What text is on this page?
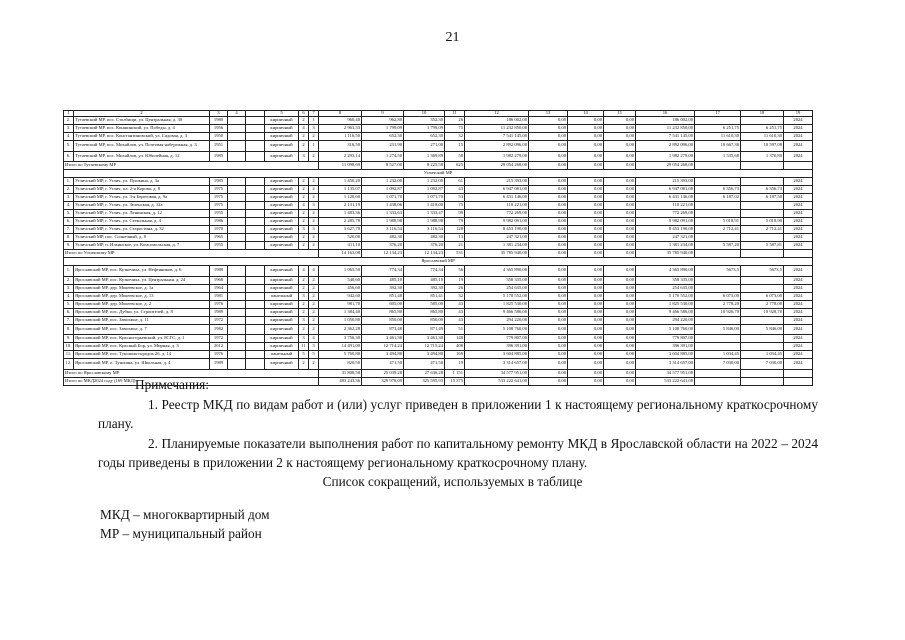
21
1	2	3	4		5	6	7	8	9	10	11	12	13	14	15	16	17	18	19
2.	Тутаевский МР, пос. Столбищи, ул. Центральная, д. 30	1980			кирпичный	2	1	960,40	962,80	352,30	26	186 002,00	0,00	0,00	0,00	186 002,00			2024
3.	Тутаевский МР, пос. Коншинский, ул. Победы, д. 4	1956			кирпичный	4	3	2 963,33	1 799,09	1 799,09	75	11 232 850,00	0,00	0,00	0,00	11 232 850,00	6 251,75	6 251,75	2024
4.	Тутаевский МР, пос. Константиновский, ул. Садовая, д. 3	1950			кирпичный	2	2	1 116,50	652,30	652,30	32	7 541 145,00	0,00	0,00	0,00	7 541 145,00	11 610,30	11 610,30	2024
5.	Тутаевский МР, пос. Михайлов, ул. Почтовая набережная, д. 3	1951			кирпичный	2	1	316,50	231,90	271,00	15	2 892 096,00	0,00	0,00	0,00	2 892 096,00	10 667,38	10 597,08	2024
6.	Тутаевский МР, пос. Михайлов, ул. Юбилейная, д. 12	1985			кирпичный	3	2	2 293,14	1 274,50	1 369,89	58	1 982 279,00	0,00	0,00	0,00	1 982 279,00	1 535,68	1 370,80	2024
Итого по Тутаевскому МР								11 098,69	8 527,00	8 225,58	625	29 054 268,00	0,00	0,00	0,00	29 054 268,00			
Угличский МР																			
1.	Угличский МР, г. Углич, ул. Пушкина, д. 3а	1985			кирпичный	2	2	1 450,20	1 232,00	1 232,00	61	215 393,00	0,00	0,00	0,00	215 393,00			2024
2.	Угличский МР, г. Углич, пл. 2-я Корова, д. 8	1975			кирпичный	2	2	1 135,07	1 092,87	1 092,87	43	6 947 081,00	0,00	0,00	0,00	6 947 081,00	6 356,73	6 356,73	2024
3.	Угличский МР, г. Углич, ул. 3-я Береговая, д. 9а	1975			кирпичный	2	2	1 120,60	1 071,70	1 071,70	53	6 431 146,00	0,00	0,00	0,00	6 431 146,00	6 187,02	6 187,50	2024
4.	Угличский МР, г. Углич, ул. Зеленская, д. 12а	1975			кирпичный	4	3	2 131,19	1 438,06	1 418,00	75	110 221,00	0,00	0,00	0,00	110 221,00			2024
5.	Угличский МР, г. Углич, ул. Ленинская, д. 12	1955			кирпичный	2	2	1 483,36	1 333,63	1 333,47	99	772 269,00	0,00	0,00	0,00	772 269,00			2024
6.	Угличский МР, г. Углич, ул. Стекольная, д. 4	1986			кирпичный	2	2	2 285,78	1 988,98	1 988,98	79	9 982 091,00	0,00	0,00	0,00	9 982 091,00	5 018,91	5 018,90	2024
7.	Угличский МР, г. Углич, ул. Старостина, д. 32	1970			кирпичный	3	3	3 627,78	3 116,54	3 116,54	128	8 453 190,00	0,00	0,00	0,00	8 453 190,00	2 712,41	2 712,41	2024
8.	Угличский МР, пос. Солнечный, д. 8	1965			кирпичный	2	2	520,00	482,30	482,30	13	247 321,00	0,00	0,00	0,00	247 321,00			2024
9.	Угличский МР, п. Ильинское, ул. Комсомольская, д. 7	1955			кирпичный	2	2	411,10	376,20	376,20	21	1 381 234,00	0,00	0,00	0,00	1 381 234,00	5 587,20	5 587,81	2024
Итого по Угличскому МР								14 163,08	12 134,23	12 134,23	531	35 785 940,00	0,00	0,00	0,00	35 785 940,00			
Ярославский МР																			
1.	Ярославский МР, пос. Кузнечиха, ул. Нефтяников, д. 6	1988			кирпичный	4	4	1 065,50	774,34	774,34	56	4 365 890,00	0,00	0,00	0,00	4 365 890,00	5673,5	5673,5	2024
2.	Ярославский МР, пос. Кузнечиха, ул. Центральная, д. 24	1968			кирпичный	2	2	540,60	485,10	485,10	19	358 335,00	0,00	0,00	0,00	358 335,00			2024
3.	Ярославский МР, дер. Мокеевское, д. 1а	1964			кирпичный	2	2	456,60	392,30	392,30	26	254 635,00	0,00	0,00	0,00	254 635,00			2024
4.	Ярославский МР, дер. Мокеевское, д. 13	1981			панельный	3	2	942,60	851,48	851,41	32	5 170 552,00	0,00	0,00	0,00	5 170 552,00	6 073,00	6 073,00	2024
5.	Ярославский МР, дер. Мокеевское, д. 2	1976			кирпичный	2	2	981,70	605,00	585,00	43	1 825 530,00	0,00	0,00	0,00	1 825 530,00	2 778,20	2 778,00	2024
6.	Ярославский МР, пос. Дубки, ул. Строителей, д. 8	1989			кирпичный	2	2	1 384,40	865,80	865,80	43	9 466 586,00	0,00	0,00	0,00	9 466 586,00	10 926,70	10 928,70	2024
7.	Ярославский МР, пос. Заволжье, д. 11	1972			кирпичный	3	2	1 050,80	850,00	850,00	43	294 220,00	0,00	0,00	0,00	294 220,00			2024
8.	Ярославский МР, пос. Заволжье, д. 7	1982			кирпичный	2	2	2 362,28	873,48	871,49	51	5 108 760,00	0,00	0,00	0,00	5 108 760,00	5 846,00	5 846,00	2024
9.	Ярославский МР, пос. Красногорьевский, ул. 8СГС, д. 1	1972			кирпичный	3	4	3 756,30	3 461,30	3 461,30	148	779 807,00	0,00	0,00	0,00	779 807,00			2024
10.	Ярославский МР, пос. Красный Бор, ул. Мирная, д. 3	2012			кирпичный	11	3	14 491,00	12 714,24	12 715,24	408	396 391,00	0,00	0,00	0,00	396 391,00			2024
11.	Ярославский МР, пос. Туношна-городок 26, д. 14	1976			панельный	5	5	5 760,80	3 494,80	3 494,80	169	3 604 885,00	0,00	0,00	0,00	3 604 885,00	1 034,45	1 034,45	2024
12.	Ярославский МР, п. Туношна, ул. Школьная, д. 4	1989			кирпичный	2	2	820,50	471,50	471,50	19	3 314 657,00	0,00	0,00	0,00	3 314 657,00	7 030,00	7 030,00	2024
Итого по Ярославскому МР								31 808,58	25 039,28	27 636,28	1 151	34 577 951,00	0,00	0,00	0,00	34 577 951,00			
Итого по МКД2024 году (169 МКД)								483 243,36	329 978,09	325 595,93	15 375	533 222 641,00	0,00	0,00	0,00	533 222 641,00			

Примечания:

1. Реестр МКД по видам работ и (или) услуг приведен в приложении 1 к настоящему региональному краткосрочному плану.

2. Планируемые показатели выполнения работ по капитальному ремонту МКД в Ярославской области на 2022 – 2024 годы приведены в приложении 2 к настоящему региональному краткосрочному плану.

Список сокращений, используемых в таблице
МКД – многоквартирный дом
МР – муниципальный район
